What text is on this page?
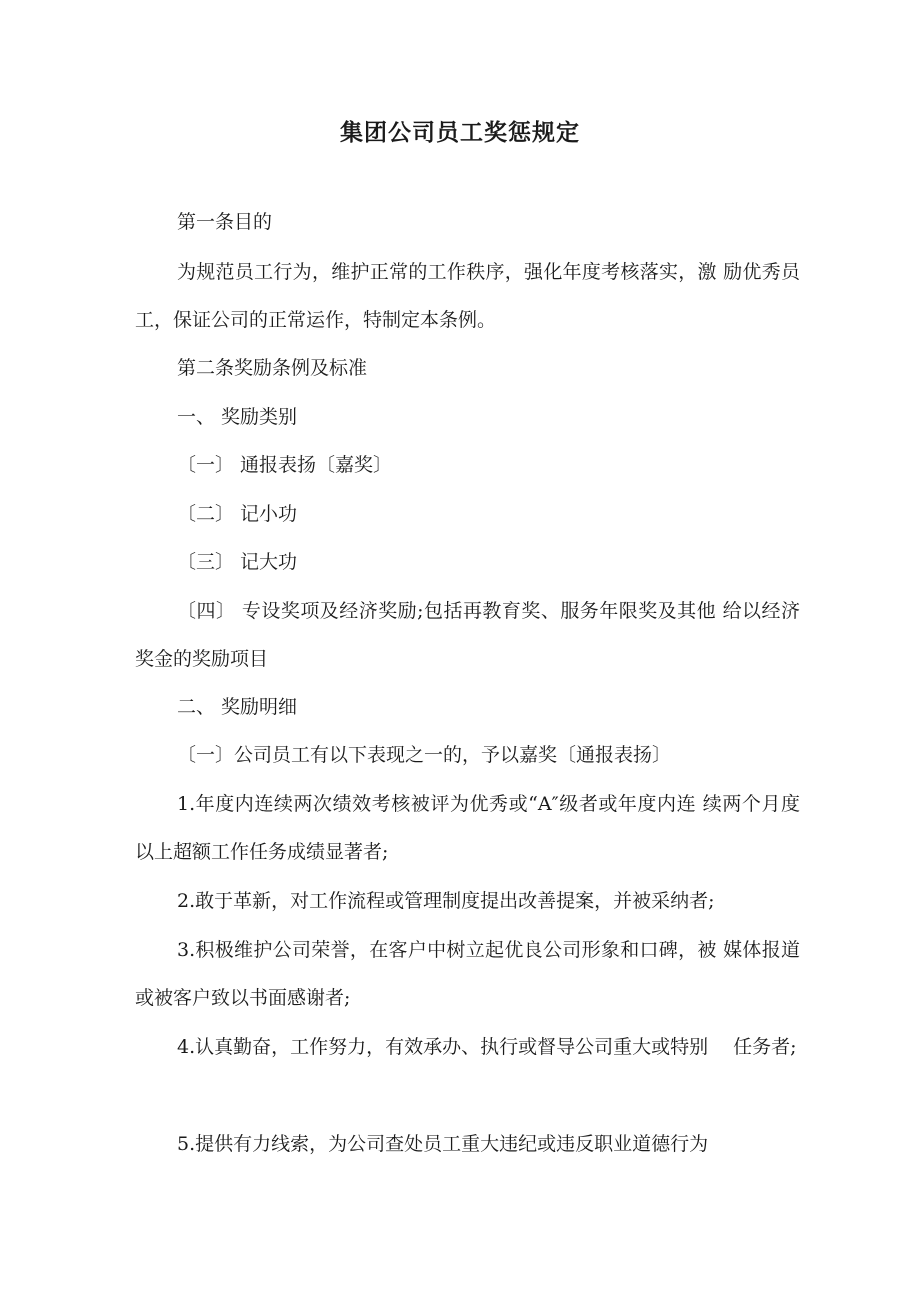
集团公司员工奖惩规定

第一条目的

为规范员工行为，维护正常的工作秩序，强化年度考核落实，激 励优秀员工，保证公司的正常运作，特制定本条例。

第二条奖励条例及标准

一、 奖励类别

〔一〕 通报表扬〔嘉奖〕

〔二〕 记小功

〔三〕 记大功

〔四〕 专设奖项及经济奖励;包括再教育奖、服务年限奖及其他 给以经济奖金的奖励项目

二、 奖励明细

〔一〕公司员工有以下表现之一的，予以嘉奖〔通报表扬〕

1.年度内连续两次绩效考核被评为优秀或“A″级者或年度内连 续两个月度以上超额工作任务成绩显著者;

2.敢于革新，对工作流程或管理制度提出改善提案，并被采纳者;

3.积极维护公司荣誉，在客户中树立起优良公司形象和口碑，被 媒体报道或被客户致以书面感谢者;

4.认真勤奋，工作努力，有效承办、执行或督导公司重大或特别　 任务者;

5.提供有力线索，为公司查处员工重大违纪或违反职业道德行为
